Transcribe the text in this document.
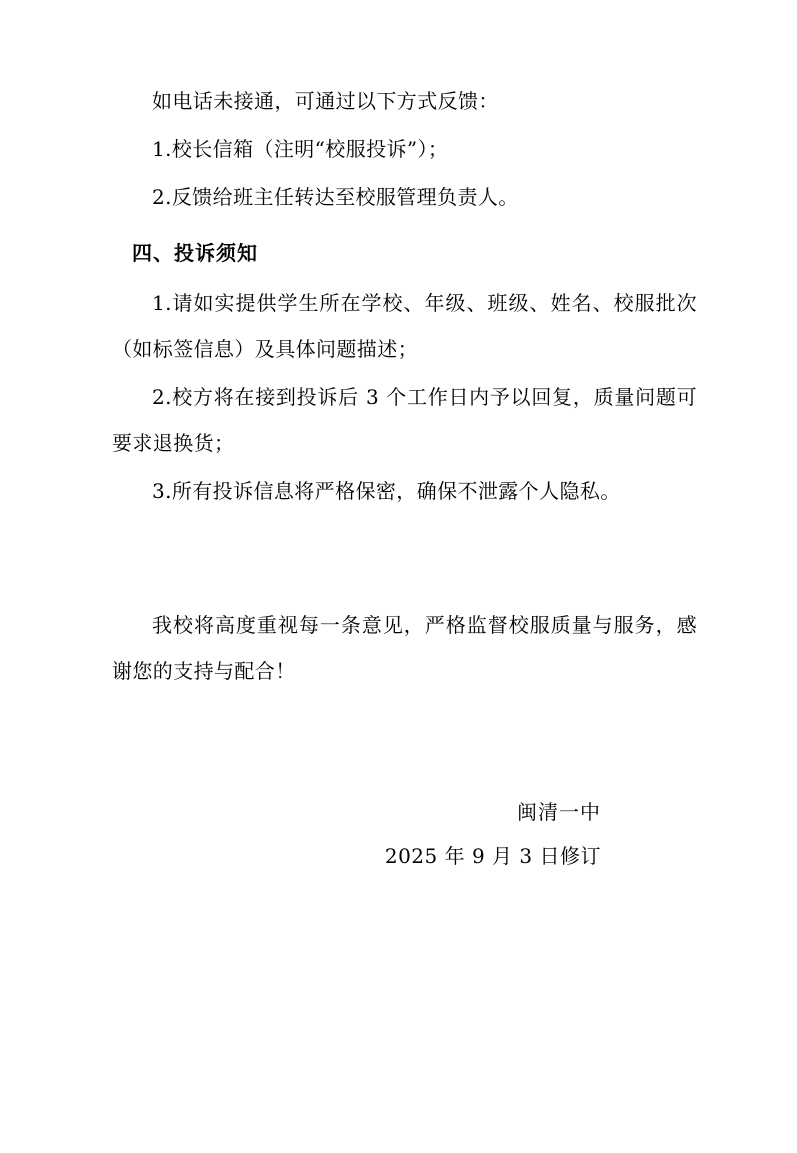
如电话未接通，可通过以下方式反馈：

1.校长信箱（注明“校服投诉”）；

2.反馈给班主任转达至校服管理负责人。

四、投诉须知

1.请如实提供学生所在学校、年级、班级、姓名、校服批次（如标签信息）及具体问题描述；

2.校方将在接到投诉后 3 个工作日内予以回复，质量问题可要求退换货；

3.所有投诉信息将严格保密，确保不泄露个人隐私。

我校将高度重视每一条意见，严格监督校服质量与服务，感谢您的支持与配合！

闽清一中
2025 年 9 月 3 日修订
